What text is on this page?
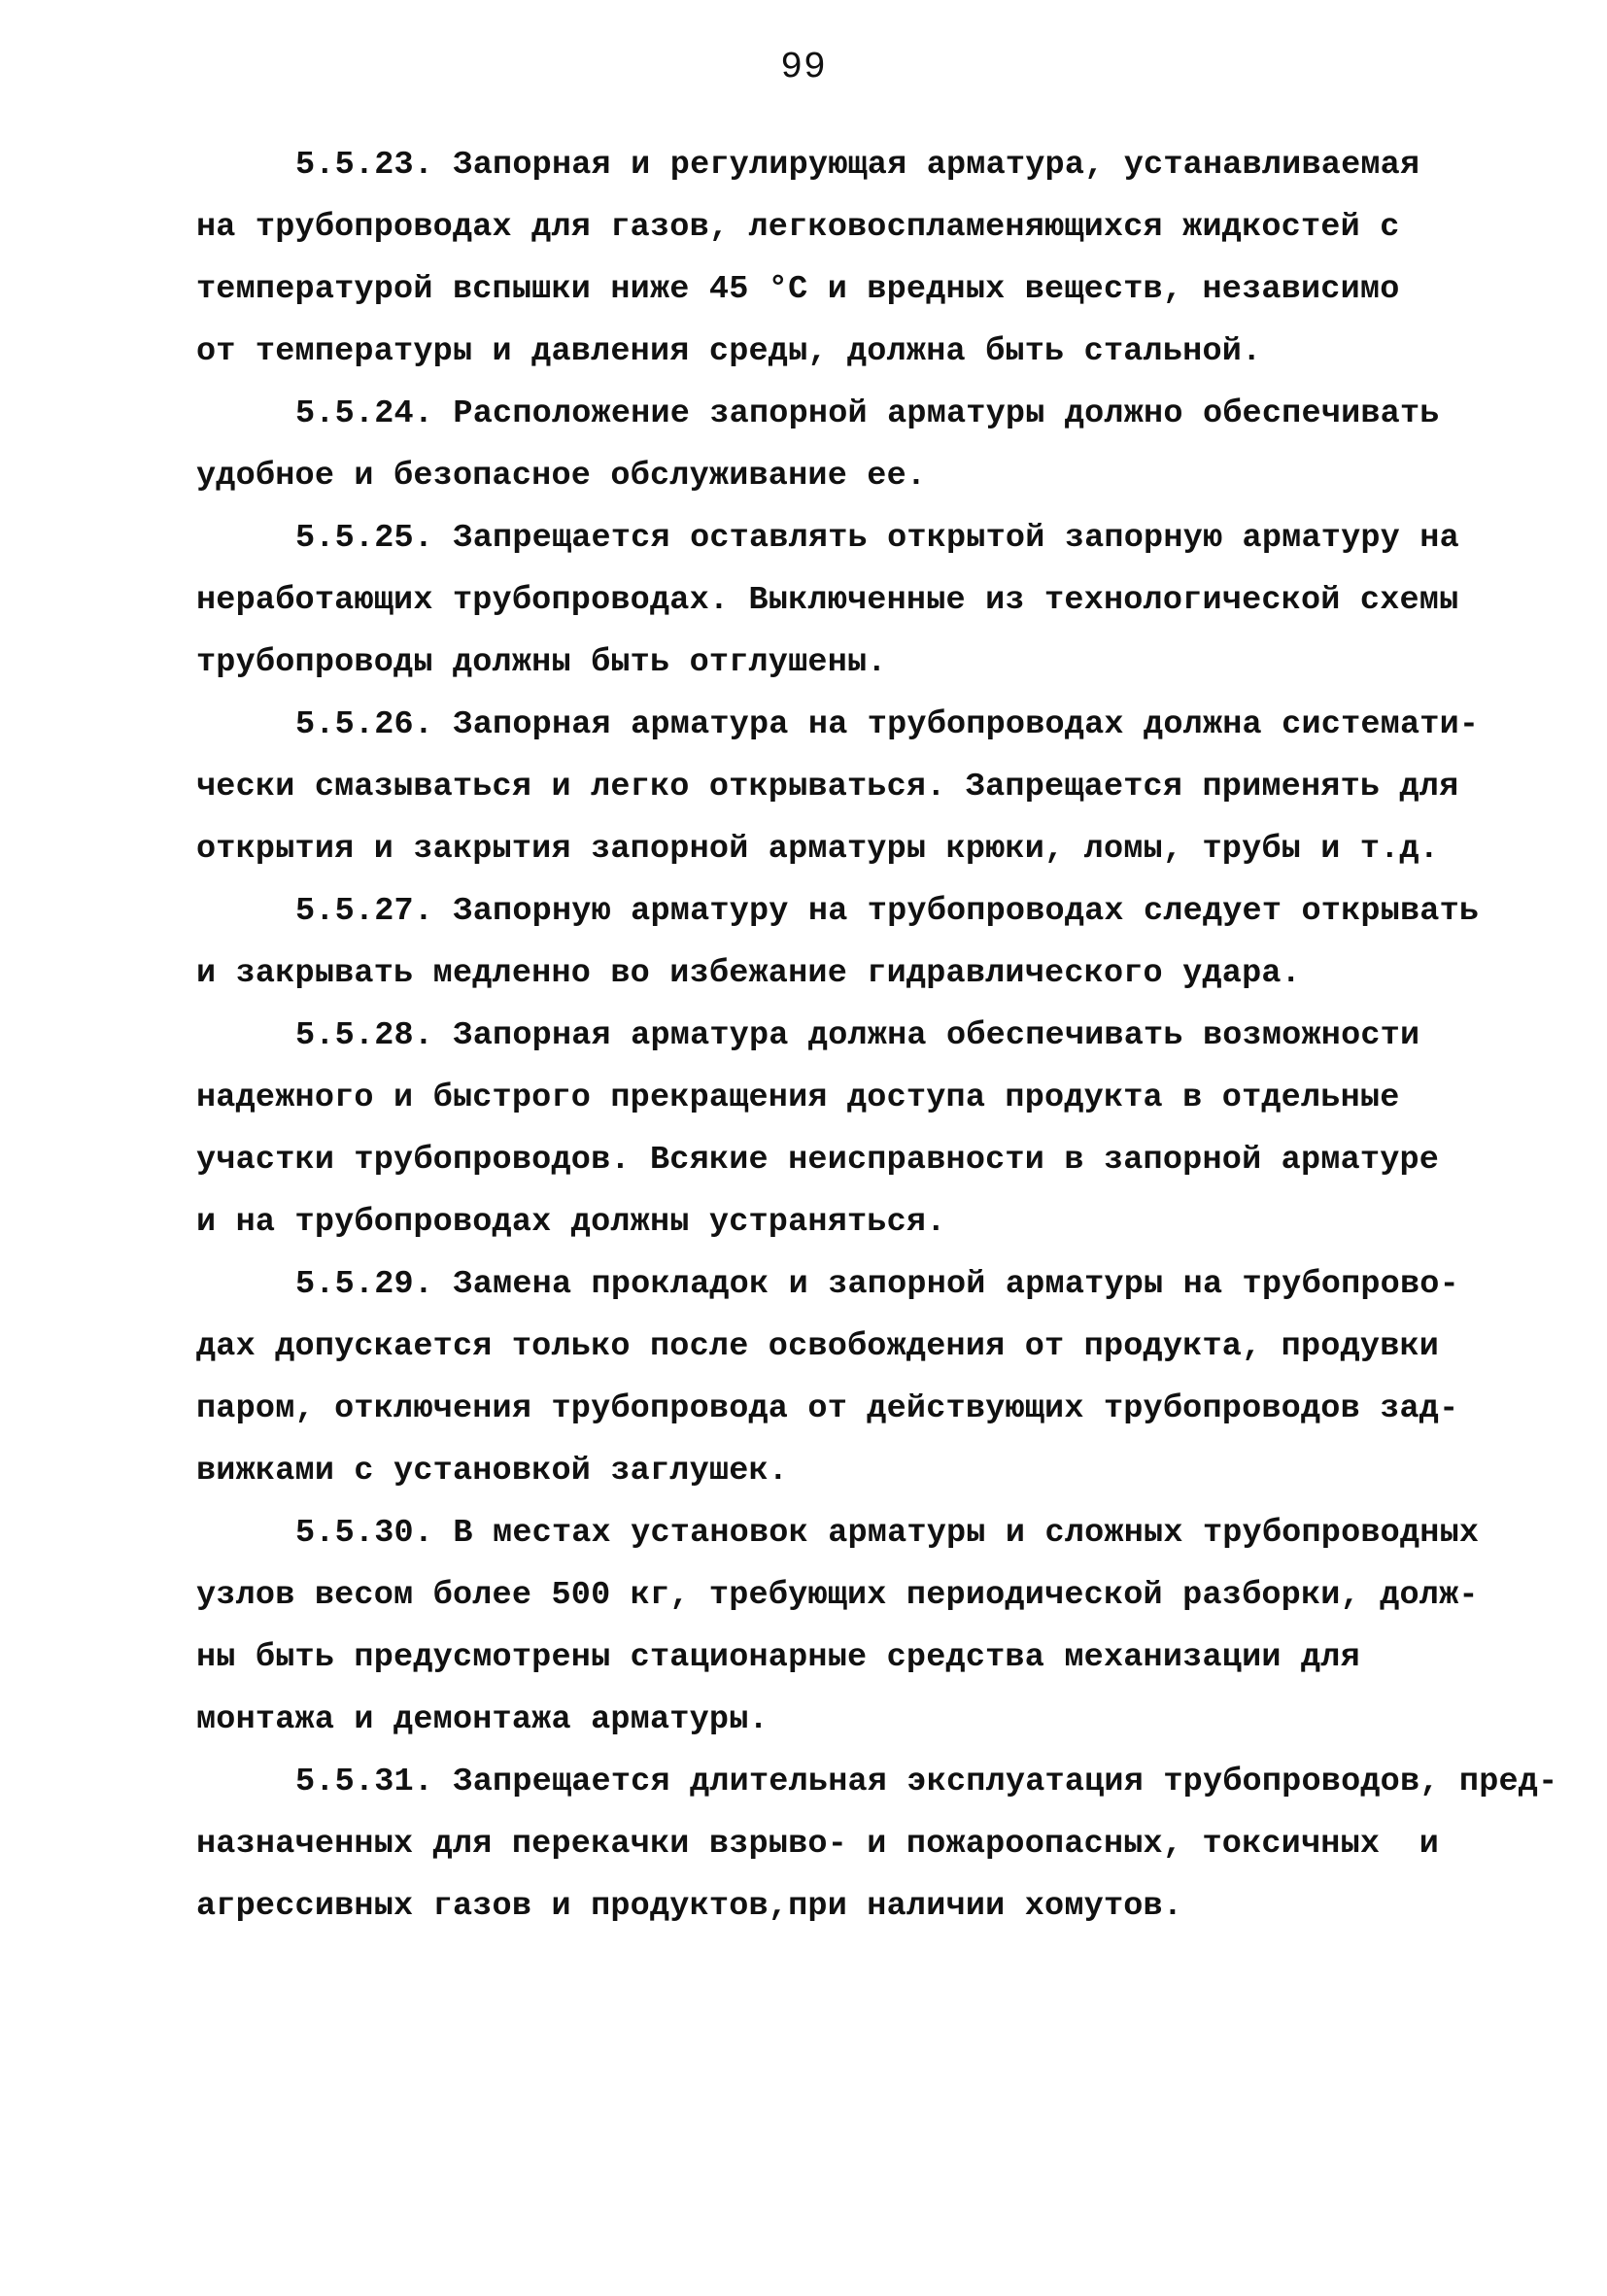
99
5.5.23. Запорная и регулирующая арматура, устанавливаемая
на трубопроводах для газов, легковоспламеняющихся жидкостей с
температурой вспышки ниже 45 °С и вредных веществ, независимо
от температуры и давления среды, должна быть стальной.
5.5.24. Расположение запорной арматуры должно обеспечивать
удобное и безопасное обслуживание ее.
5.5.25. Запрещается оставлять открытой запорную арматуру на
неработающих трубопроводах. Выключенные из технологической схемы
трубопроводы должны быть отглушены.
5.5.26. Запорная арматура на трубопроводах должна системати-
чески смазываться и легко открываться. Запрещается применять для
открытия и закрытия запорной арматуры крюки, ломы, трубы и т.д.
5.5.27. Запорную арматуру на трубопроводах следует открывать
и закрывать медленно во избежание гидравлического удара.
5.5.28. Запорная арматура должна обеспечивать возможности
надежного и быстрого прекращения доступа продукта в отдельные
участки трубопроводов. Всякие неисправности в запорной арматуре
и на трубопроводах должны устраняться.
5.5.29. Замена прокладок и запорной арматуры на трубопрово-
дах допускается только после освобождения от продукта, продувки
паром, отключения трубопровода от действующих трубопроводов зад-
вижками с установкой заглушек.
5.5.30. В местах установок арматуры и сложных трубопроводных
узлов весом более 500 кг, требующих периодической разборки, долж-
ны быть предусмотрены стационарные средства механизации для
монтажа и демонтажа арматуры.
5.5.31. Запрещается длительная эксплуатация трубопроводов, пред-
назначенных для перекачки взрыво- и пожароопасных, токсичных  и
агрессивных газов и продуктов,при наличии хомутов.
